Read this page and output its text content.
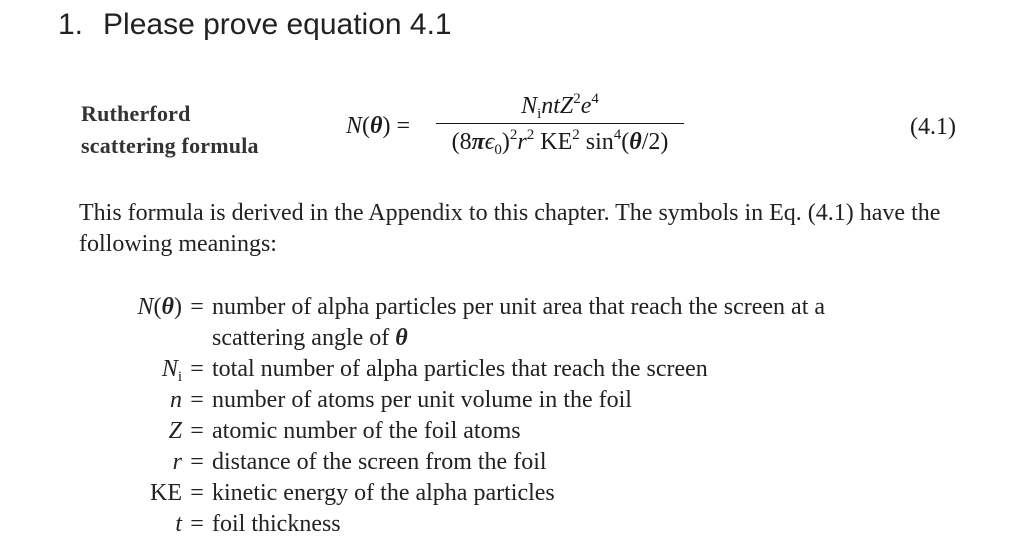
1. Please prove equation 4.1
Rutherford
scattering formula
N(θ) =
$N_intZ^2e^4$
$(8\pi\epsilon_0)^2r^2$ $KE^2$ $\sin^4(\theta/2)$
(4.1)
This formula is derived in the Appendix to this chapter. The symbols in Eq. (4.1) have the following meanings:
N(θ) = number of alpha particles per unit area that reach the screen at a scattering angle of θ
$N_i$ = total number of alpha particles that reach the screen
n = number of atoms per unit volume in the foil
Z = atomic number of the foil atoms
r = distance of the screen from the foil
KE = kinetic energy of the alpha particles
t = foil thickness
